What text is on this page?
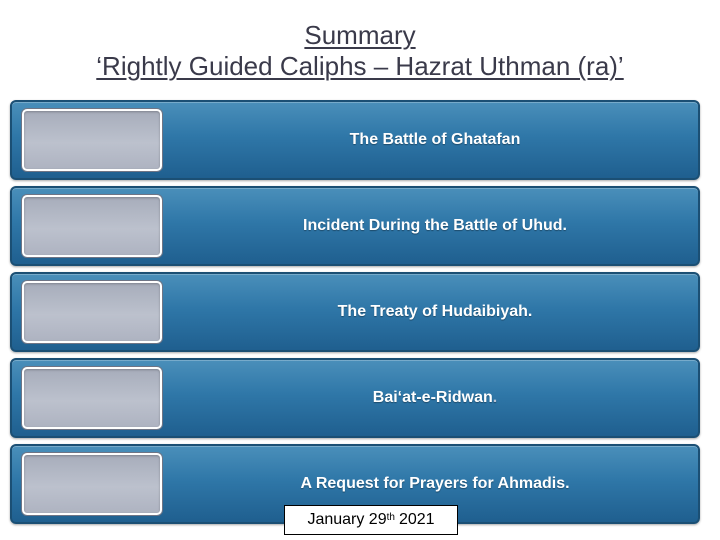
Summary
‘Rightly Guided Caliphs – Hazrat Uthman (ra)’
The Battle of Ghatafan
Incident During the Battle of Uhud.
The Treaty of Hudaibiyah.
Bai‘at-e-Ridwan .
A Request for Prayers for Ahmadis.
January 29th 2021
